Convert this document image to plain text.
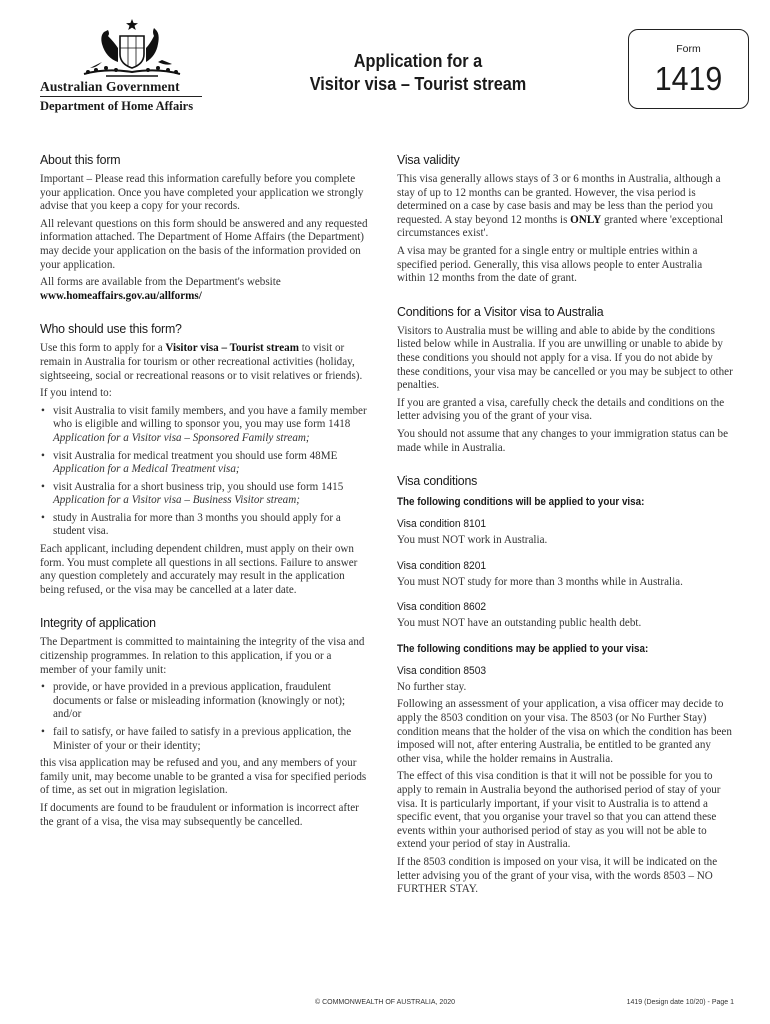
Australian Government
Department of Home Affairs
Application for a
Visitor visa – Tourist stream
Form
1419
About this form

Important – Please read this information carefully before you complete your application. Once you have completed your application we strongly advise that you keep a copy for your records.

All relevant questions on this form should be answered and any requested information attached. The Department of Home Affairs (the Department) may decide your application on the basis of the information provided on your application.

All forms are available from the Department's website
www.homeaffairs.gov.au/allforms/

Who should use this form?

Use this form to apply for a Visitor visa – Tourist stream to visit or remain in Australia for tourism or other recreational activities (holiday, sightseeing, social or recreational reasons or to visit relatives or friends).

If you intend to:

• visit Australia to visit family members, and you have a family member who is eligible and willing to sponsor you, you may use form 1418 Application for a Visitor visa – Sponsored Family stream;
• visit Australia for medical treatment you should use form 48ME Application for a Medical Treatment visa;
• visit Australia for a short business trip, you should use form 1415 Application for a Visitor visa – Business Visitor stream;
• study in Australia for more than 3 months you should apply for a student visa.

Each applicant, including dependent children, must apply on their own form. You must complete all questions in all sections. Failure to answer any question completely and accurately may result in the application being refused, or the visa may be cancelled at a later date.

Integrity of application

The Department is committed to maintaining the integrity of the visa and citizenship programmes. In relation to this application, if you or a member of your family unit:

• provide, or have provided in a previous application, fraudulent documents or false or misleading information (knowingly or not); and/or
• fail to satisfy, or have failed to satisfy in a previous application, the Minister of your or their identity;

this visa application may be refused and you, and any members of your family unit, may become unable to be granted a visa for specified periods of time, as set out in migration legislation.

If documents are found to be fraudulent or information is incorrect after the grant of a visa, the visa may subsequently be cancelled.

Visa validity

This visa generally allows stays of 3 or 6 months in Australia, although a stay of up to 12 months can be granted. However, the visa period is determined on a case by case basis and may be less than the period you requested. A stay beyond 12 months is ONLY granted where 'exceptional circumstances exist'.

A visa may be granted for a single entry or multiple entries within a specified period. Generally, this visa allows people to enter Australia within 12 months from the date of grant.

Conditions for a Visitor visa to Australia

Visitors to Australia must be willing and able to abide by the conditions listed below while in Australia. If you are unwilling or unable to abide by these conditions you should not apply for a visa. If you do not abide by these conditions, your visa may be cancelled or you may be subject to other penalties.

If you are granted a visa, carefully check the details and conditions on the letter advising you of the grant of your visa.

You should not assume that any changes to your immigration status can be made while in Australia.

Visa conditions
The following conditions will be applied to your visa:
Visa condition 8101

You must NOT work in Australia.

Visa condition 8201

You must NOT study for more than 3 months while in Australia.

Visa condition 8602

You must NOT have an outstanding public health debt.

The following conditions may be applied to your visa:
Visa condition 8503

No further stay.

Following an assessment of your application, a visa officer may decide to apply the 8503 condition on your visa. The 8503 (or No Further Stay) condition means that the holder of the visa on which the condition has been imposed will not, after entering Australia, be entitled to be granted any other visa, while the holder remains in Australia.

The effect of this visa condition is that it will not be possible for you to apply to remain in Australia beyond the authorised period of stay of your visa. It is particularly important, if your visit to Australia is to attend a specific event, that you organise your travel so that you can attend these events within your authorised period of stay as you will not be able to extend your period of stay in Australia.

If the 8503 condition is imposed on your visa, it will be indicated on the letter advising you of the grant of your visa, with the words 8503 – NO FURTHER STAY.

© COMMONWEALTH OF AUSTRALIA, 2020	1419 (Design date 10/20) - Page 1
